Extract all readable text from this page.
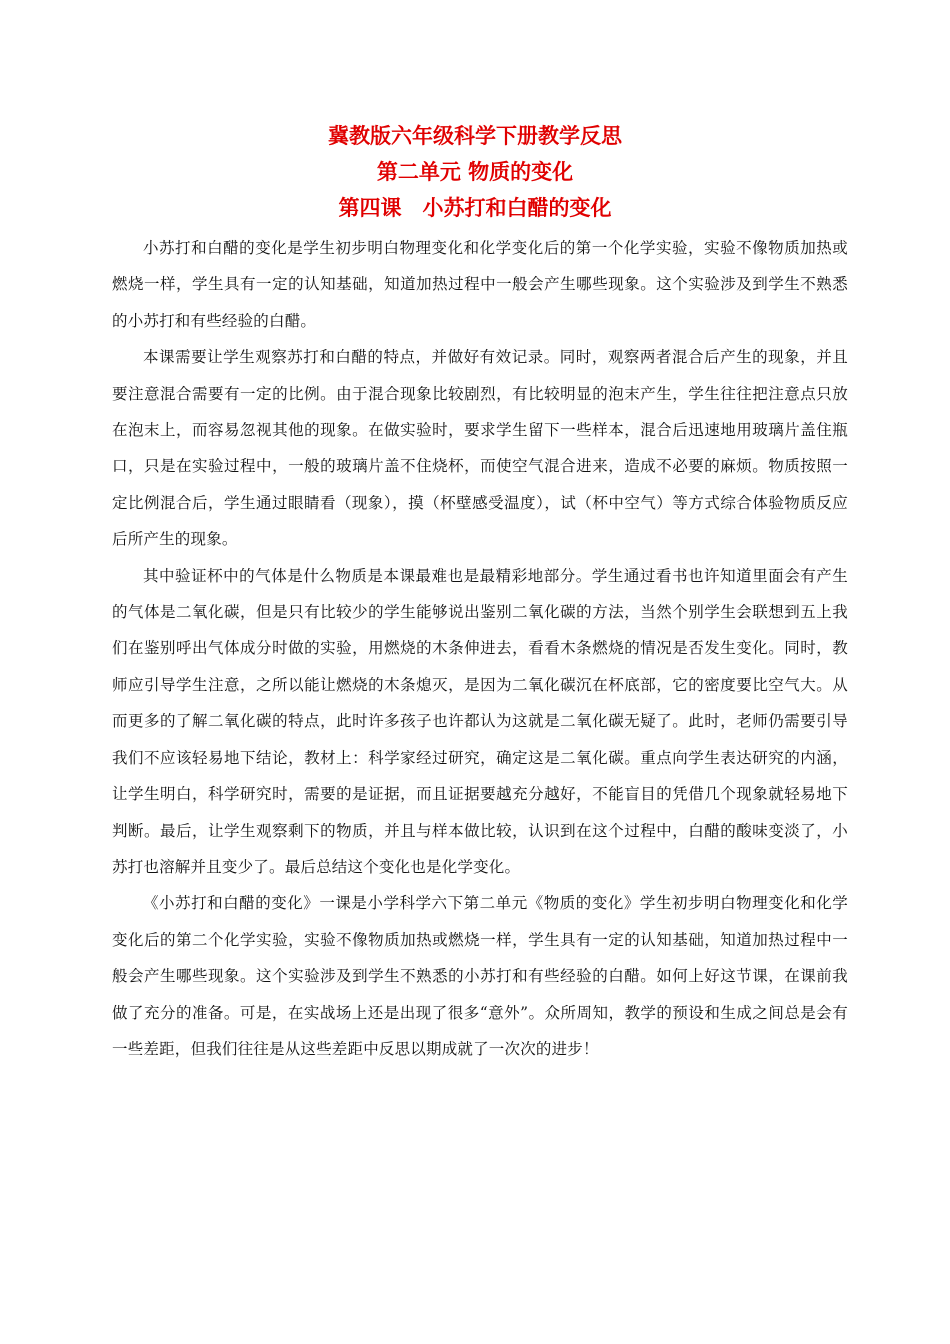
冀教版六年级科学下册教学反思
第二单元 物质的变化
第四课　小苏打和白醋的变化

小苏打和白醋的变化是学生初步明白物理变化和化学变化后的第一个化学实验，实验不像物质加热或燃烧一样，学生具有一定的认知基础，知道加热过程中一般会产生哪些现象。这个实验涉及到学生不熟悉的小苏打和有些经验的白醋。

本课需要让学生观察苏打和白醋的特点，并做好有效记录。同时，观察两者混合后产生的现象，并且要注意混合需要有一定的比例。由于混合现象比较剧烈，有比较明显的泡末产生，学生往往把注意点只放在泡末上，而容易忽视其他的现象。在做实验时，要求学生留下一些样本，混合后迅速地用玻璃片盖住瓶口，只是在实验过程中，一般的玻璃片盖不住烧杯，而使空气混合进来，造成不必要的麻烦。物质按照一定比例混合后，学生通过眼睛看（现象），摸（杯壁感受温度），试（杯中空气）等方式综合体验物质反应后所产生的现象。

其中验证杯中的气体是什么物质是本课最难也是最精彩地部分。学生通过看书也许知道里面会有产生的气体是二氧化碳，但是只有比较少的学生能够说出鉴别二氧化碳的方法，当然个别学生会联想到五上我们在鉴别呼出气体成分时做的实验，用燃烧的木条伸进去，看看木条燃烧的情况是否发生变化。同时，教师应引导学生注意，之所以能让燃烧的木条熄灭，是因为二氧化碳沉在杯底部，它的密度要比空气大。从而更多的了解二氧化碳的特点，此时许多孩子也许都认为这就是二氧化碳无疑了。此时，老师仍需要引导我们不应该轻易地下结论，教材上：科学家经过研究，确定这是二氧化碳。重点向学生表达研究的内涵，让学生明白，科学研究时，需要的是证据，而且证据要越充分越好，不能盲目的凭借几个现象就轻易地下判断。最后，让学生观察剩下的物质，并且与样本做比较，认识到在这个过程中，白醋的酸味变淡了，小苏打也溶解并且变少了。最后总结这个变化也是化学变化。

《小苏打和白醋的变化》一课是小学科学六下第二单元《物质的变化》学生初步明白物理变化和化学变化后的第二个化学实验，实验不像物质加热或燃烧一样，学生具有一定的认知基础，知道加热过程中一般会产生哪些现象。这个实验涉及到学生不熟悉的小苏打和有些经验的白醋。如何上好这节课，在课前我做了充分的准备。可是，在实战场上还是出现了很多“意外”。众所周知，教学的预设和生成之间总是会有一些差距，但我们往往是从这些差距中反思以期成就了一次次的进步！
